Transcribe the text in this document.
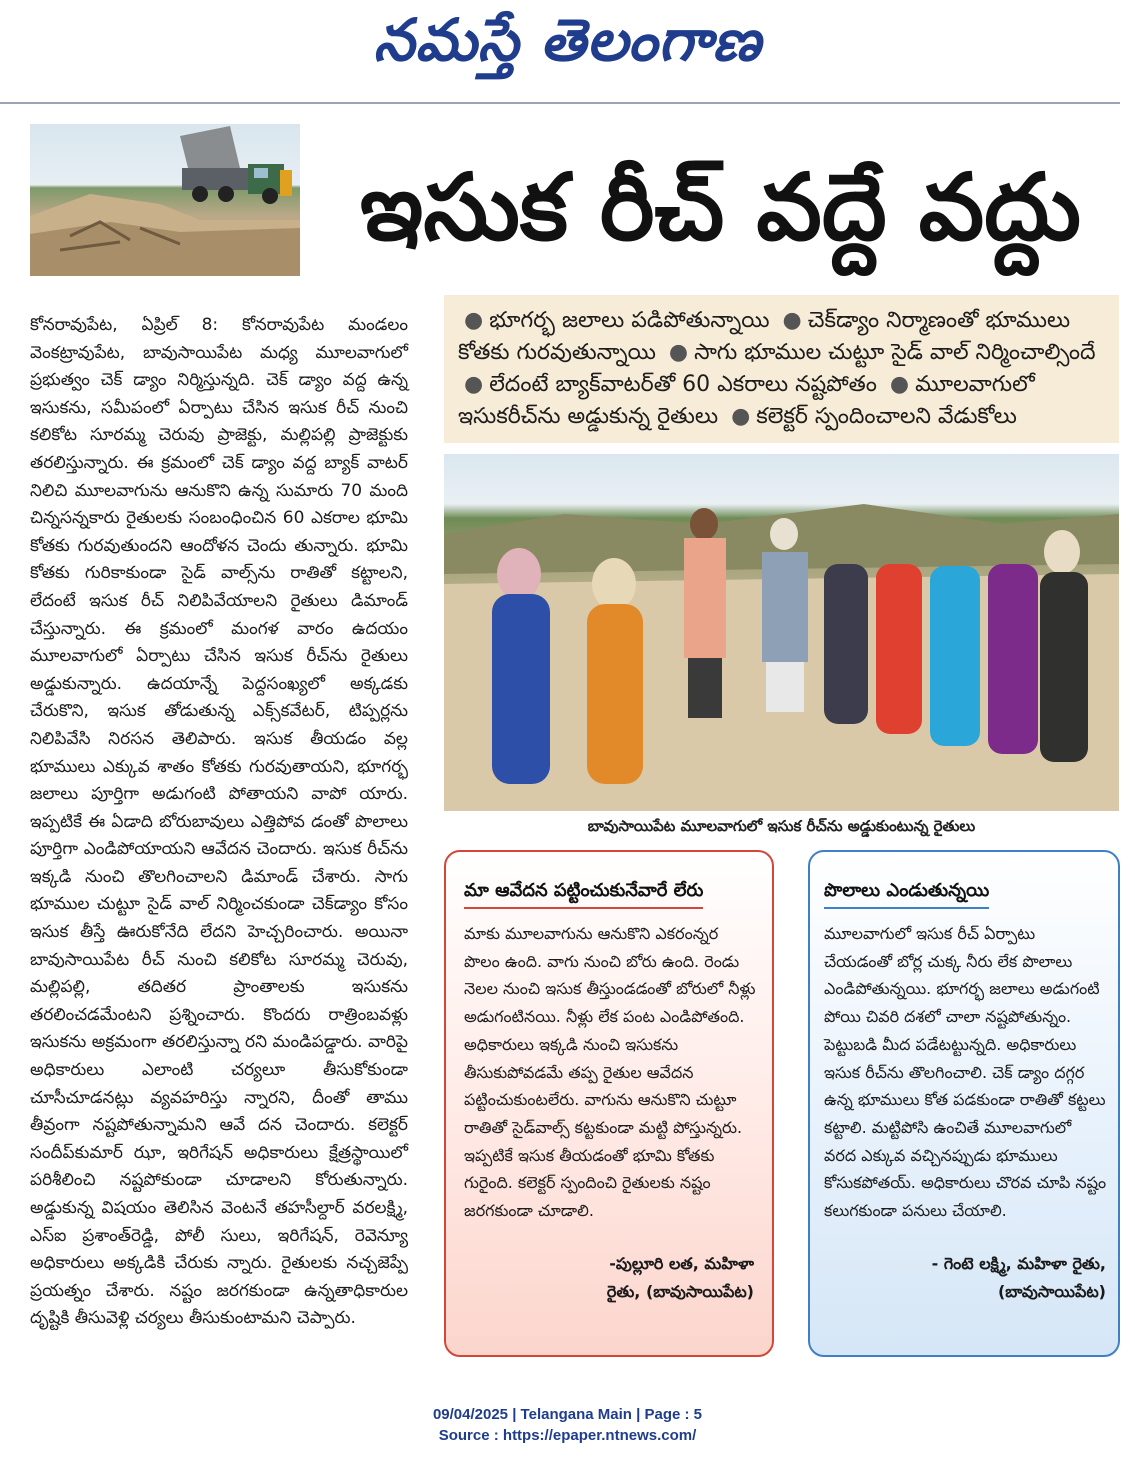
నమస్తే తెలంగాణ
ఇసుక రీచ్ వద్దే వద్దు
● భూగర్భ జలాలు పడిపోతున్నాయి ● చెక్‌డ్యాం నిర్మాణంతో భూములు కోతకు గురవుతున్నాయి ● సాగు భూముల చుట్టూ సైడ్ వాల్ నిర్మించాల్సిందే ● లేదంటే బ్యాక్‌వాటర్‌తో 60 ఎకరాలు నష్టపోతం ● మూలవాగులో ఇసుకరీచ్‌ను అడ్డుకున్న రైతులు ● కలెక్టర్ స్పందించాలని వేడుకోలు
కోనరావుపేట, ఏప్రిల్ 8: కోనరావుపేట మండలం వెంకట్రావుపేట, బావుసాయిపేట మధ్య మూలవాగులో ప్రభుత్వం చెక్ డ్యాం నిర్మిస్తున్నది. చెక్ డ్యాం వద్ద ఉన్న ఇసుకను, సమీపంలో ఏర్పాటు చేసిన ఇసుక రీచ్ నుంచి కలికోట సూరమ్మ చెరువు ప్రాజెక్టు, మల్లిపల్లి ప్రాజెక్టుకు తరలిస్తున్నారు. ఈ క్రమంలో చెక్ డ్యాం వద్ద బ్యాక్ వాటర్ నిలిచి మూలవాగును ఆనుకొని ఉన్న సుమారు 70 మంది చిన్నసన్నకారు రైతులకు సంబంధించిన 60 ఎకరాల భూమి కోతకు గురవుతుందని ఆందోళన చెందు తున్నారు. భూమి కోతకు గురికాకుండా సైడ్ వాల్స్‌ను రాతితో కట్టాలని, లేదంటే ఇసుక రీచ్ నిలిపివేయాలని రైతులు డిమాండ్ చేస్తున్నారు. ఈ క్రమంలో మంగళ వారం ఉదయం మూలవాగులో ఏర్పాటు చేసిన ఇసుక రీచ్‌ను రైతులు అడ్డుకున్నారు. ఉదయాన్నే పెద్దసంఖ్యలో అక్కడకు చేరుకొని, ఇసుక తోడుతున్న ఎక్స్‌కవేటర్, టిప్పర్లను నిలిపివేసి నిరసన తెలిపారు. ఇసుక తీయడం వల్ల భూములు ఎక్కువ శాతం కోతకు గురవుతాయని, భూగర్భ జలాలు పూర్తిగా అడుగంటి పోతాయని వాపో యారు. ఇప్పటికే ఈ ఏడాది బోరుబావులు ఎత్తిపోవ డంతో పొలాలు పూర్తిగా ఎండిపోయాయని ఆవేదన చెందారు. ఇసుక రీచ్‌ను ఇక్కడి నుంచి తొలగించాలని డిమాండ్ చేశారు. సాగు భూముల చుట్టూ సైడ్ వాల్ నిర్మించకుండా చెక్‌డ్యాం కోసం ఇసుక తీస్తే ఊరుకోనేది లేదని హెచ్చరించారు. అయినా బావుసాయిపేట రీచ్ నుంచి కలికోట సూరమ్మ చెరువు, మల్లిపల్లి, తదితర ప్రాంతాలకు ఇసుకను తరలించడమేంటని ప్రశ్నించారు. కొందరు రాత్రింబవళ్లు ఇసుకను అక్రమంగా తరలిస్తున్నా రని మండిపడ్డారు. వారిపై అధికారులు ఎలాంటి చర్యలూ తీసుకోకుండా చూసీచూడనట్లు వ్యవహరిస్తు న్నారని, దీంతో తాము తీవ్రంగా నష్టపోతున్నామని ఆవే దన చెందారు. కలెక్టర్ సందీప్‌కుమార్ ఝా, ఇరిగేషన్ అధికారులు క్షేత్రస్థాయిలో పరిశీలించి నష్టపోకుండా చూడాలని కోరుతున్నారు. అడ్డుకున్న విషయం తెలిసిన వెంటనే తహసీల్దార్ వరలక్ష్మి, ఎస్ఐ ప్రశాంత్‌రెడ్డి, పోలీ సులు, ఇరిగేషన్, రెవెన్యూ అధికారులు అక్కడికి చేరుకు న్నారు. రైతులకు నచ్చజెప్పే ప్రయత్నం చేశారు. నష్టం జరగకుండా ఉన్నతాధికారుల దృష్టికి తీసువెళ్లి చర్యలు తీసుకుంటామని చెప్పారు.
బావుసాయిపేట మూలవాగులో ఇసుక రీచ్‌ను అడ్డుకుంటున్న రైతులు
మా ఆవేదన పట్టించుకునేవారే లేరు
మాకు మూలవాగును ఆనుకొని ఎకరంన్నర పొలం ఉంది. వాగు నుంచి బోరు ఉంది. రెండు నెలల నుంచి ఇసుక తీస్తుండడంతో బోరులో నీళ్లు అడుగంటినయి. నీళ్లు లేక పంట ఎండిపోతంది. అధికారులు ఇక్కడి నుంచి ఇసుకను తీసుకుపోవడమే తప్ప రైతుల ఆవేదన పట్టించుకుంటలేరు. వాగును ఆనుకొని చుట్టూ రాతితో సైడ్‌వాల్స్ కట్టకుండా మట్టి పోస్తున్నరు. ఇప్పటికే ఇసుక తీయడంతో భూమి కోతకు గురైంది. కలెక్టర్ స్పందించి రైతులకు నష్టం జరగకుండా చూడాలి.
-పుల్లూరి లత, మహిళా
రైతు, (బావుసాయిపేట)
పొలాలు ఎండుతున్నయి
మూలవాగులో ఇసుక రీచ్ ఏర్పాటు చేయడంతో బోర్ల చుక్క నీరు లేక పొలాలు ఎండిపోతున్నయి. భూగర్భ జలాలు అడుగంటి పోయి చివరి దశలో చాలా నష్టపోతున్నం. పెట్టుబడి మీద పడేటట్టున్నది. అధికారులు ఇసుక రీచ్‌ను తొలగించాలి. చెక్ డ్యాం దగ్గర ఉన్న భూములు కోత పడకుండా రాతితో కట్టలు కట్టాలి. మట్టిపోసి ఉంచితే మూలవాగులో వరద ఎక్కువ వచ్చినప్పుడు భూములు కోసుకపోతయ్. అధికారులు చొరవ చూపి నష్టం కలుగకుండా పనులు చేయాలి.
- గెంటె లక్ష్మి, మహిళా రైతు,
(బావుసాయిపేట)
09/04/2025 | Telangana Main | Page : 5
Source : https://epaper.ntnews.com/
